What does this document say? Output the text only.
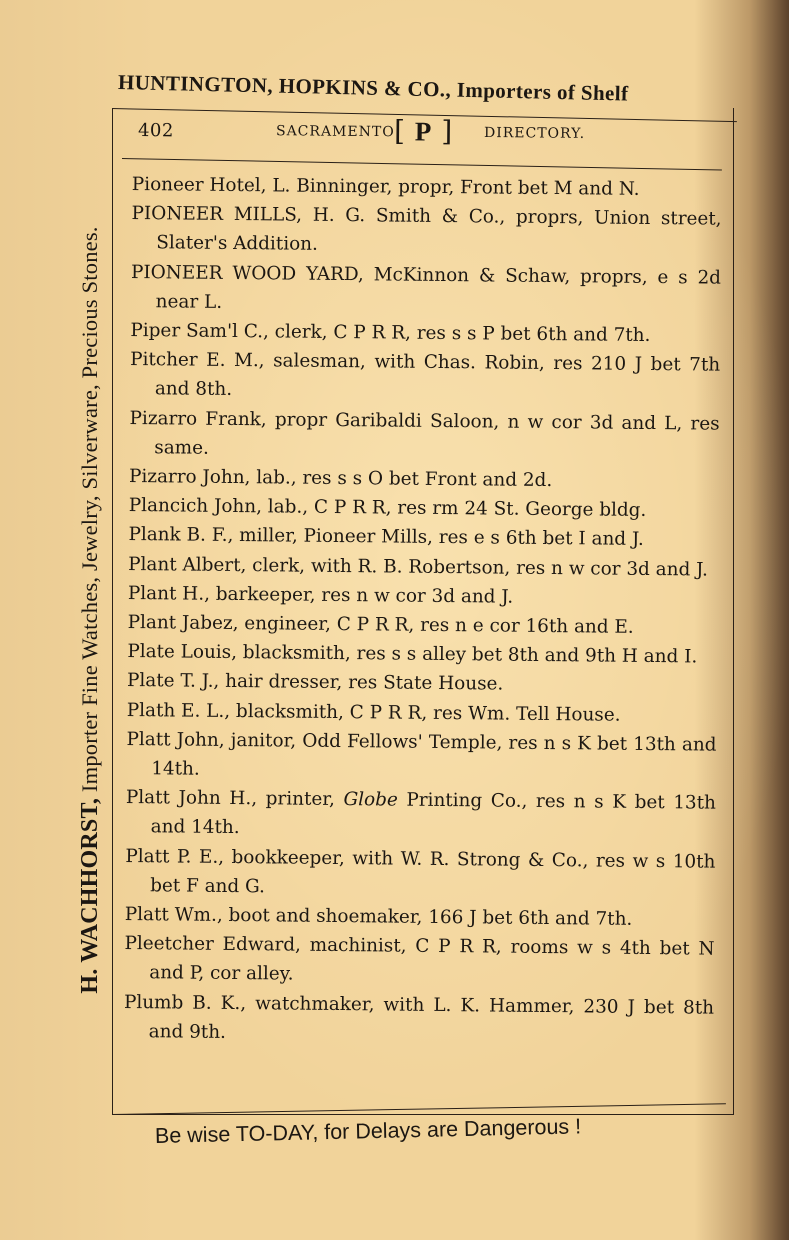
HUNTINGTON, HOPKINS & CO., Importers of Shelf
H. WACHHORST, Importer Fine Watches, Jewelry, Silverware, Precious Stones.
402	SACRAMENTO [ P ] DIRECTORY.
Pioneer Hotel, L. Binninger, propr, Front bet M and N.
PIONEER MILLS, H. G. Smith & Co., proprs, Union street, Slater's Addition.
PIONEER WOOD YARD, McKinnon & Schaw, proprs, e s 2d near L.
Piper Sam'l C., clerk, C P R R, res s s P bet 6th and 7th.
Pitcher E. M., salesman, with Chas. Robin, res 210 J bet 7th and 8th.
Pizarro Frank, propr Garibaldi Saloon, n w cor 3d and L, res same.
Pizarro John, lab., res s s O bet Front and 2d.
Plancich John, lab., C P R R, res rm 24 St. George bldg.
Plank B. F., miller, Pioneer Mills, res e s 6th bet I and J.
Plant Albert, clerk, with R. B. Robertson, res n w cor 3d and J.
Plant H., barkeeper, res n w cor 3d and J.
Plant Jabez, engineer, C P R R, res n e cor 16th and E.
Plate Louis, blacksmith, res s s alley bet 8th and 9th H and I.
Plate T. J., hair dresser, res State House.
Plath E. L., blacksmith, C P R R, res Wm. Tell House.
Platt John, janitor, Odd Fellows' Temple, res n s K bet 13th and 14th.
Platt John H., printer, Globe Printing Co., res n s K bet 13th and 14th.
Platt P. E., bookkeeper, with W. R. Strong & Co., res w s 10th bet F and G.
Platt Wm., boot and shoemaker, 166 J bet 6th and 7th.
Pleetcher Edward, machinist, C P R R, rooms w s 4th bet N and P, cor alley.
Plumb B. K., watchmaker, with L. K. Hammer, 230 J bet 8th and 9th.
Be wise TO-DAY, for Delays are Dangerous !
